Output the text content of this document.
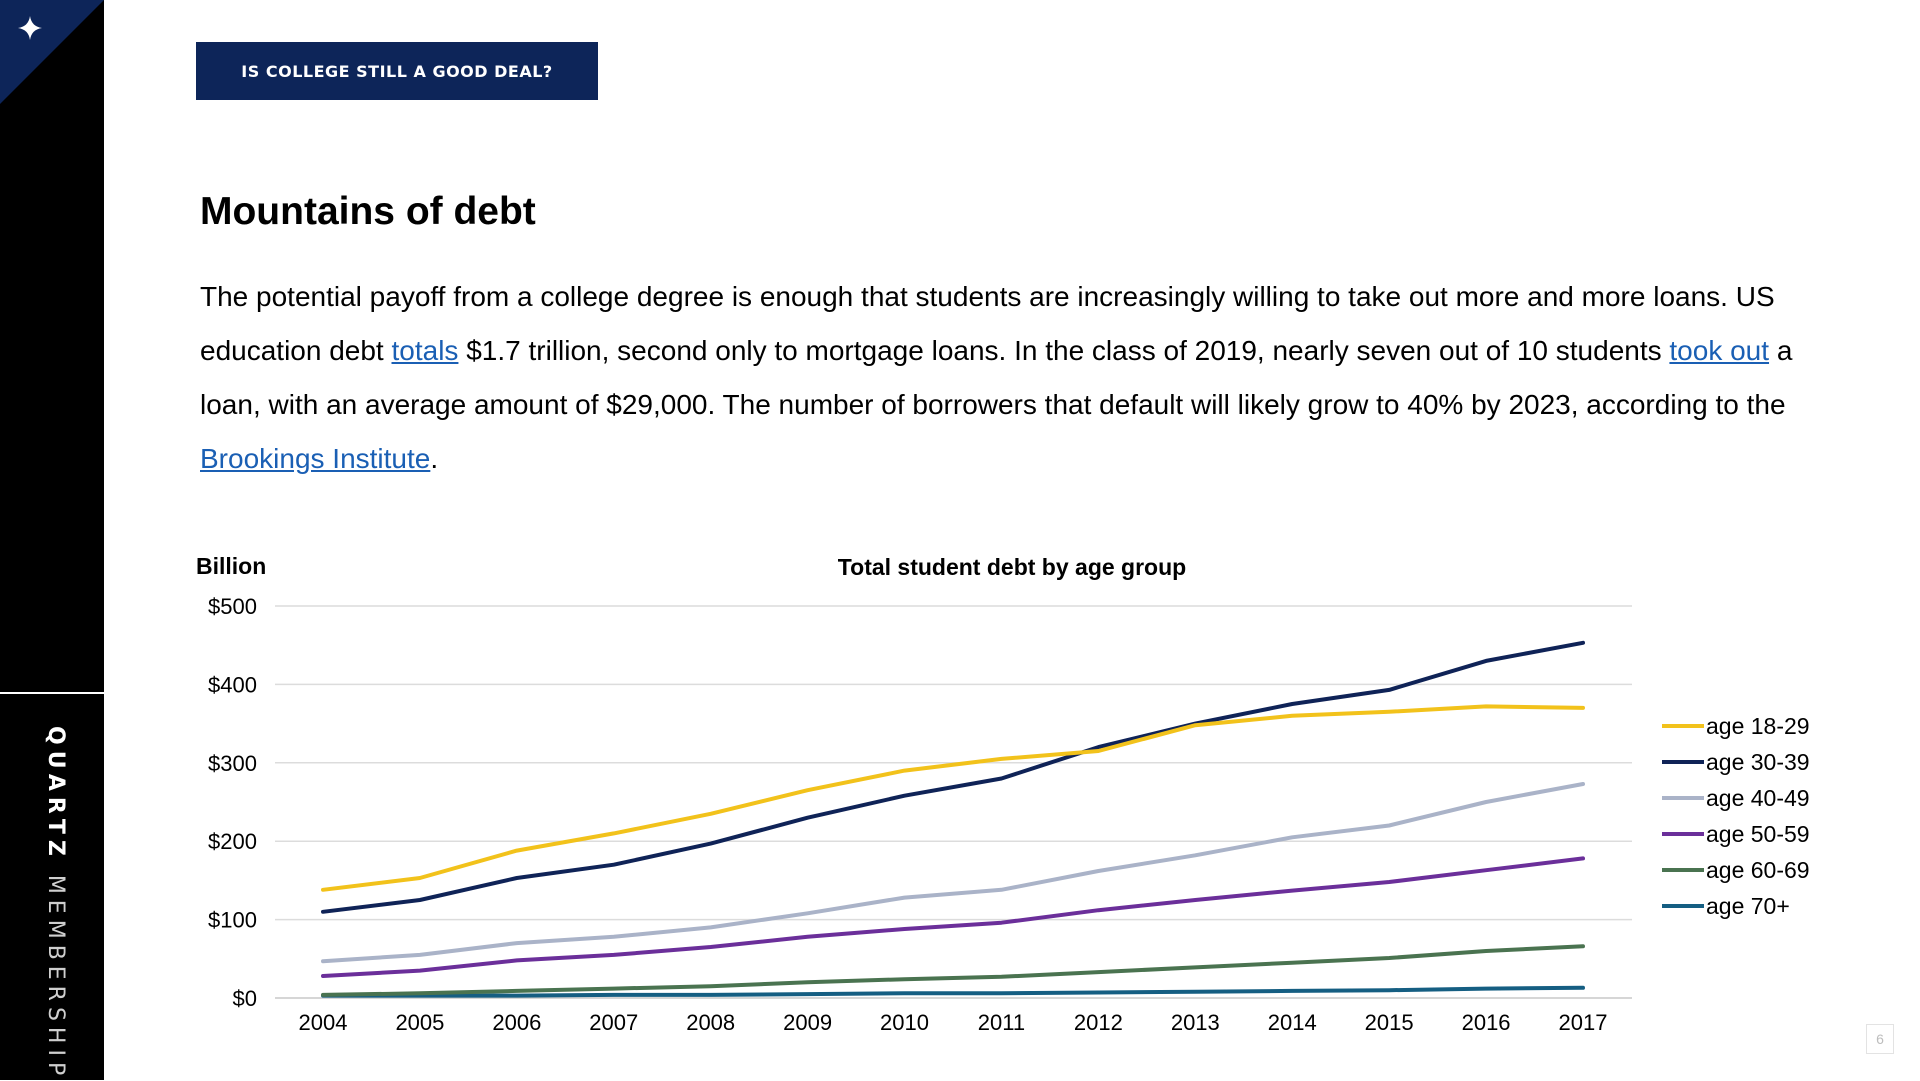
QUARTZ MEMBERSHIP
IS COLLEGE STILL A GOOD DEAL?
Mountains of debt

The potential payoff from a college degree is enough that students are increasingly willing to take out more and more loans. US education debt totals $1.7 trillion, second only to mortgage loans. In the class of 2019, nearly seven out of 10 students took out a loan, with an average amount of $29,000. The number of borrowers that default will likely grow to 40% by 2023, according to the Brookings Institute.

Total student debt by age group
Billion
$0
$100
$200
$300
$400
$500
2004 2005 2006 2007 2008 2009 2010 2011 2012 2013 2014 2015 2016 2017
age 18-29
age 30-39
age 40-49
age 50-59
age 60-69
age 70+
6
